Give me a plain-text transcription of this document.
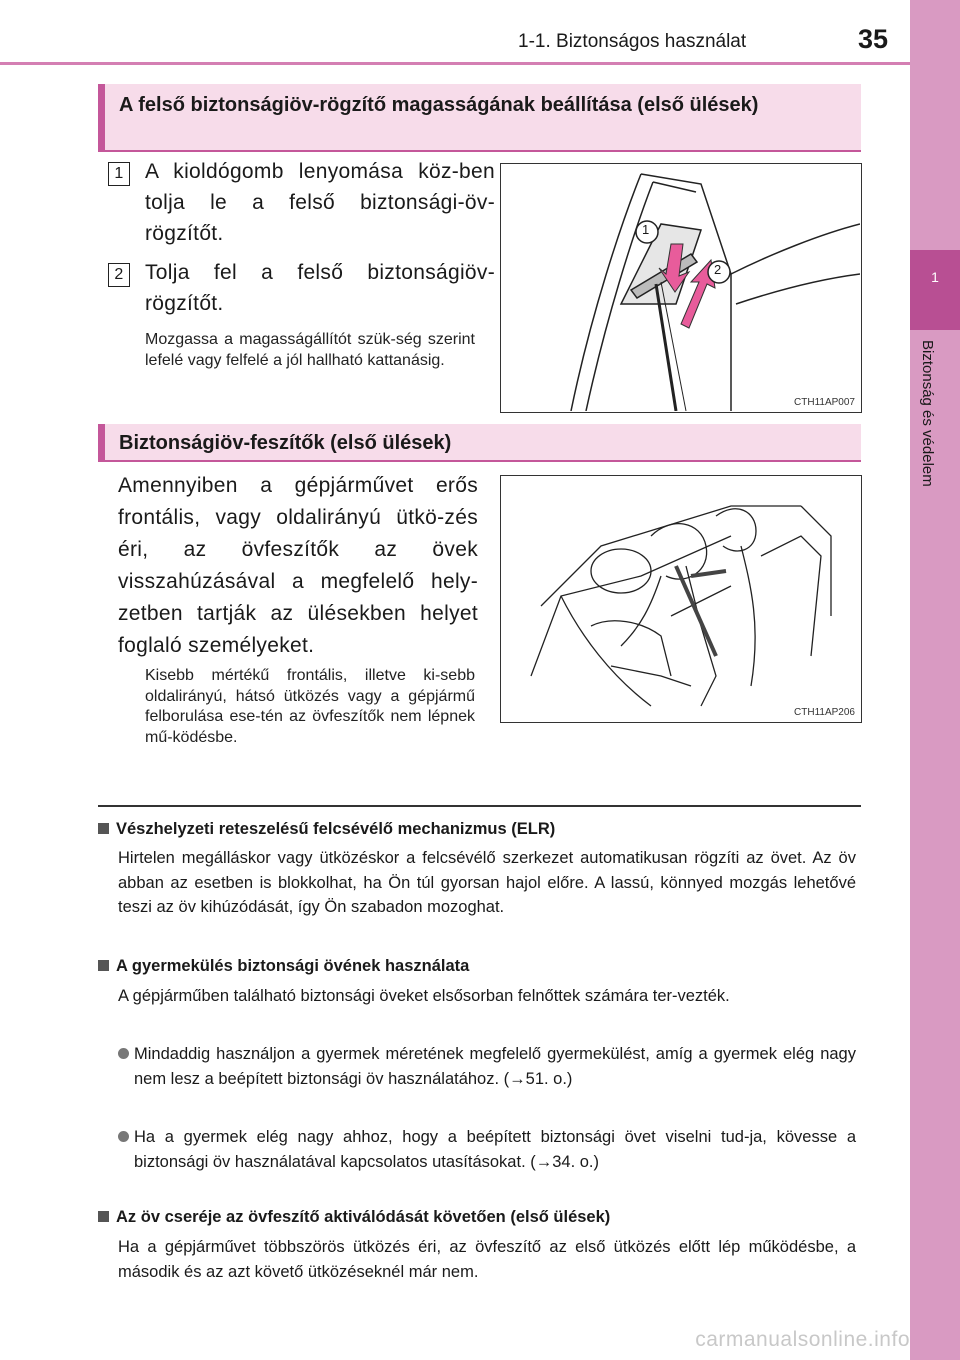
1-1. Biztonságos használat	35
1
Biztonság és védelem
A felső biztonságiöv-rögzítő magasságának beállítása (első ülések)
1	A kioldógomb lenyomása köz-ben tolja le a felső biztonsági-öv-rögzítőt.
2	Tolja fel a felső biztonságiöv-rögzítőt.
Mozgassa a magasságállítót szük-ség szerint lefelé vagy felfelé a jól hallható kattanásig.
1
2
CTH11AP007
Biztonságiöv-feszítők (első ülések)
Amennyiben a gépjárművet erős frontális, vagy oldalirányú ütkö-zés éri, az övfeszítők az övek visszahúzásával a megfelelő hely-zetben tartják az ülésekben helyet foglaló személyeket.
Kisebb mértékű frontális, illetve ki-sebb oldalirányú, hátsó ütközés vagy a gépjármű felborulása ese-tén az övfeszítők nem lépnek mű-ködésbe.
CTH11AP206
Vészhelyzeti reteszelésű felcsévélő mechanizmus (ELR)
Hirtelen megálláskor vagy ütközéskor a felcsévélő szerkezet automatikusan rögzíti az övet. Az öv abban az esetben is blokkolhat, ha Ön túl gyorsan hajol előre. A lassú, könnyed mozgás lehetővé teszi az öv kihúzódását, így Ön szabadon mozoghat.
A gyermekülés biztonsági övének használata
A gépjárműben található biztonsági öveket elsősorban felnőttek számára ter-vezték.
Mindaddig használjon a gyermek méretének megfelelő gyermekülést, amíg a gyermek elég nagy nem lesz a beépített biztonsági öv használatához. (→51. o.)
Ha a gyermek elég nagy ahhoz, hogy a beépített biztonsági övet viselni tud-ja, kövesse a biztonsági öv használatával kapcsolatos utasításokat. (→34. o.)
Az öv cseréje az övfeszítő aktiválódását követően (első ülések)
Ha a gépjárművet többszörös ütközés éri, az övfeszítő az első ütközés előtt lép működésbe, a második és az azt követő ütközéseknél már nem.
carmanualsonline.info
